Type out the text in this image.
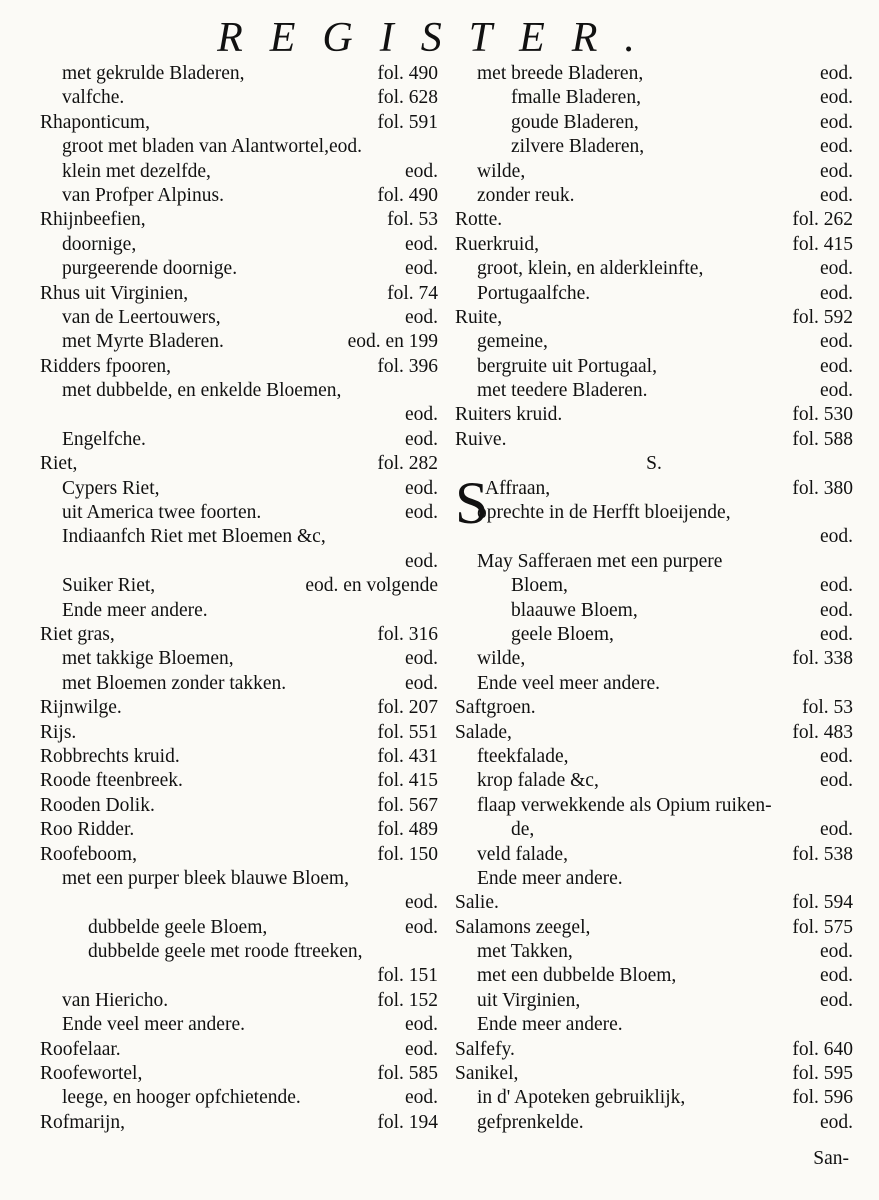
REGISTER.
met gekrulde Bladeren,	fol. 490
valfche.	fol. 628
Rhaponticum,	fol. 591
groot met bladen van Alantwortel,eod.
klein met dezelfde,	eod.
van Profper Alpinus.	fol. 490
Rhijnbeefien,	fol. 53
doornige,	eod.
purgeerende doornige.	eod.
Rhus uit Virginien,	fol. 74
van de Leertouwers,	eod.
met Myrte Bladeren.	eod. en 199
Ridders fpooren,	fol. 396
met dubbelde, en enkelde Bloemen,
eod.
Engelfche.	eod.
Riet,	fol. 282
Cypers Riet,	eod.
uit America twee foorten.	eod.
Indiaanfch Riet met Bloemen &c,
eod.
Suiker Riet,	eod. en volgende
Ende meer andere.
Riet gras,	fol. 316
met takkige Bloemen,	eod.
met Bloemen zonder takken.	eod.
Rijnwilge.	fol. 207
Rijs.	fol. 551
Robbrechts kruid.	fol. 431
Roode fteenbreek.	fol. 415
Rooden Dolik.	fol. 567
Roo Ridder.	fol. 489
Roofeboom,	fol. 150
met een purper bleek blauwe Bloem,
eod.
dubbelde geele Bloem,	eod.
dubbelde geele met roode ftreeken,
fol. 151
van Hiericho.	fol. 152
Ende veel meer andere.	eod.
Roofelaar.	eod.
Roofewortel,	fol. 585
leege, en hooger opfchietende.	eod.
Rofmarijn,	fol. 194
met breede Bladeren,	eod.
fmalle Bladeren,	eod.
goude Bladeren,	eod.
zilvere Bladeren,	eod.
wilde,	eod.
zonder reuk.	eod.
Rotte.	fol. 262
Ruerkruid,	fol. 415
groot, klein, en alderkleinfte,	eod.
Portugaalfche.	eod.
Ruite,	fol. 592
gemeine,	eod.
bergruite uit Portugaal,	eod.
met teedere Bladeren.	eod.
Ruiters kruid.	fol. 530
Ruive.	fol. 588
S.
S
Affraan,	fol. 380
oprechte in de Herfft bloeijende,
eod.
May Safferaen met een purpere
Bloem,	eod.
blaauwe Bloem,	eod.
geele Bloem,	eod.
wilde,	fol. 338
Ende veel meer andere.
Saftgroen.	fol. 53
Salade,	fol. 483
fteekfalade,	eod.
krop falade &c,	eod.
flaap verwekkende als Opium ruiken-
de,	eod.
veld falade,	fol. 538
Ende meer andere.
Salie.	fol. 594
Salamons zeegel,	fol. 575
met Takken,	eod.
met een dubbelde Bloem,	eod.
uit Virginien,	eod.
Ende meer andere.
Salfefy.	fol. 640
Sanikel,	fol. 595
in d' Apoteken gebruiklijk,	fol. 596
gefprenkelde.	eod.
San-
